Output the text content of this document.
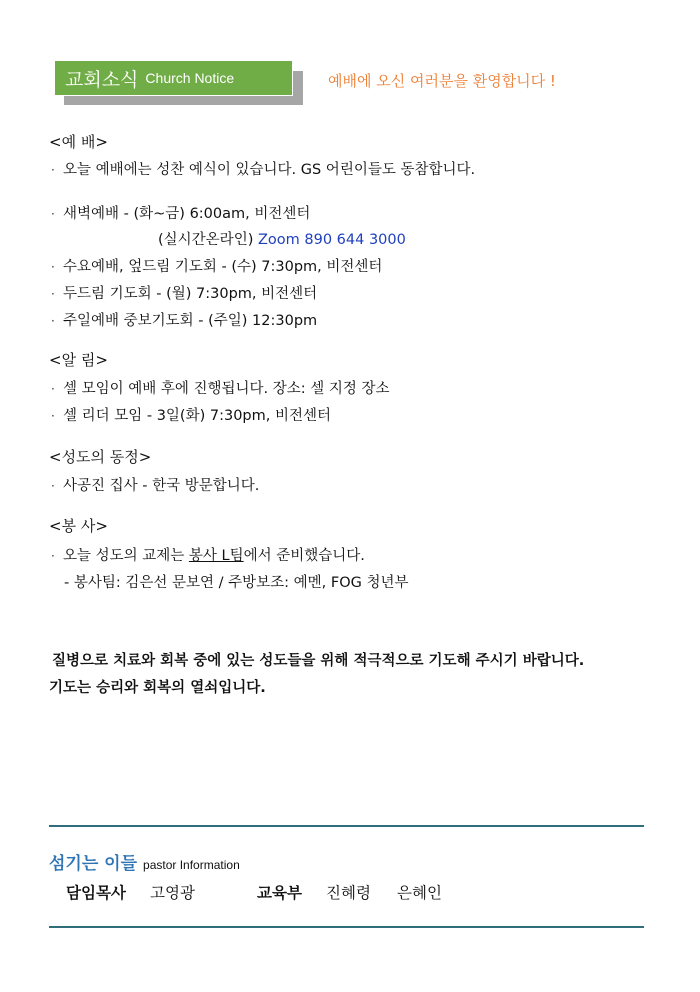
교회소식 Church Notice	예배에 오신 여러분을 환영합니다 !
<예 배>
· 오늘 예배에는 성찬 예식이 있습니다. GS 어린이들도 동참합니다.
· 새벽예배 - (화~금) 6:00am, 비전센터
(실시간온라인) Zoom 890 644 3000
· 수요예배, 엎드림 기도회 - (수) 7:30pm, 비전센터
· 두드림 기도회 - (월) 7:30pm, 비전센터
· 주일예배 중보기도회 - (주일) 12:30pm
<알 림>
· 셀 모임이 예배 후에 진행됩니다. 장소: 셀 지정 장소
· 셀 리더 모임 - 3일(화) 7:30pm, 비전센터
<성도의 동정>
· 사공진 집사 - 한국 방문합니다.
<봉 사>
· 오늘 성도의 교제는 봉사 L팀에서 준비했습니다.
- 봉사팀: 김은선 문보연 / 주방보조: 예멘, FOG 청년부
질병으로 치료와 회복 중에 있는 성도들을 위해 적극적으로 기도해 주시기 바랍니다.
기도는 승리와 회복의 열쇠입니다.
섬기는 이들 pastor Information
담임목사 고영광	교육부 진혜령 은혜인
